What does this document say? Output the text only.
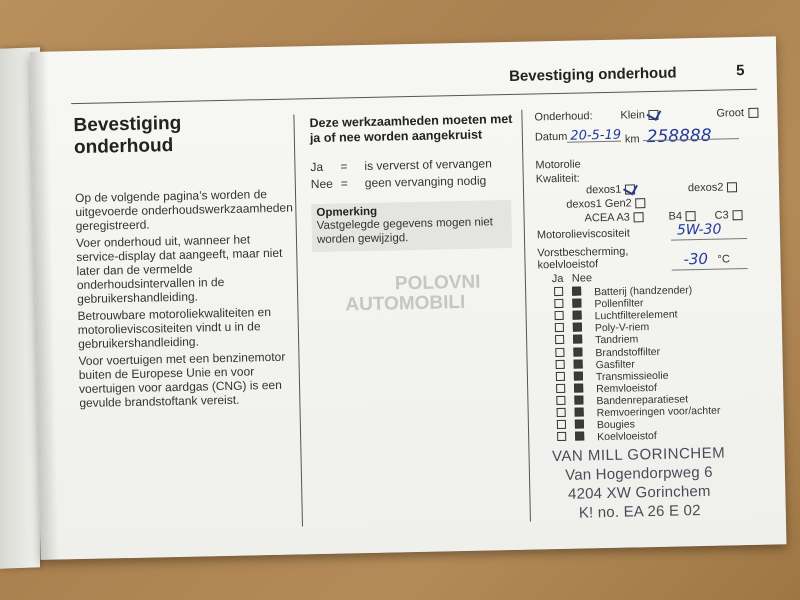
Bevestiging onderhoud	5
Bevestiging
onderhoud

Op de volgende pagina’s worden de uitgevoerde onderhoudswerkzaamheden geregistreerd.

Voer onderhoud uit, wanneer het service-display dat aangeeft, maar niet later dan de vermelde onderhoudsintervallen in de gebruikershandleiding.

Betrouwbare motoroliekwaliteiten en motorolieviscositeiten vindt u in de gebruikershandleiding.

Voor voertuigen met een benzinemotor buiten de Europese Unie en voor voertuigen voor aardgas (CNG) is een gevulde brandstoftank vereist.

Deze werkzaamheden moeten met ja of nee worden aangekruist
Ja	=	is ververst of vervangen
Nee =	geen vervanging nodig
Opmerking
Vastgelegde gegevens mogen niet worden gewijzigd.
POLOVNI
AUTOMOBILI
Onderhoud:	Klein	Groot
Datum 20-5-19 km 258888
Motorolie
Kwaliteit:
dexos1	dexos2
dexos1 Gen2
ACEA A3	B4	C3
Motorolieviscositeit	5W-30
Vorstbescherming,
koelvloeistof	-30 °C
Ja Nee
Batterij (handzender)
Pollenfilter
Luchtfilterelement
Poly-V-riem
Tandriem
Brandstoffilter
Gasfilter
Transmissieolie
Remvloeistof
Bandenreparatieset
Remvoeringen voor/achter
Bougies
Koelvloeistof
VAN MILL GORINCHEM
Van Hogendorpweg 6
4204 XW Gorinchem
K! no. EA 26 E 02
